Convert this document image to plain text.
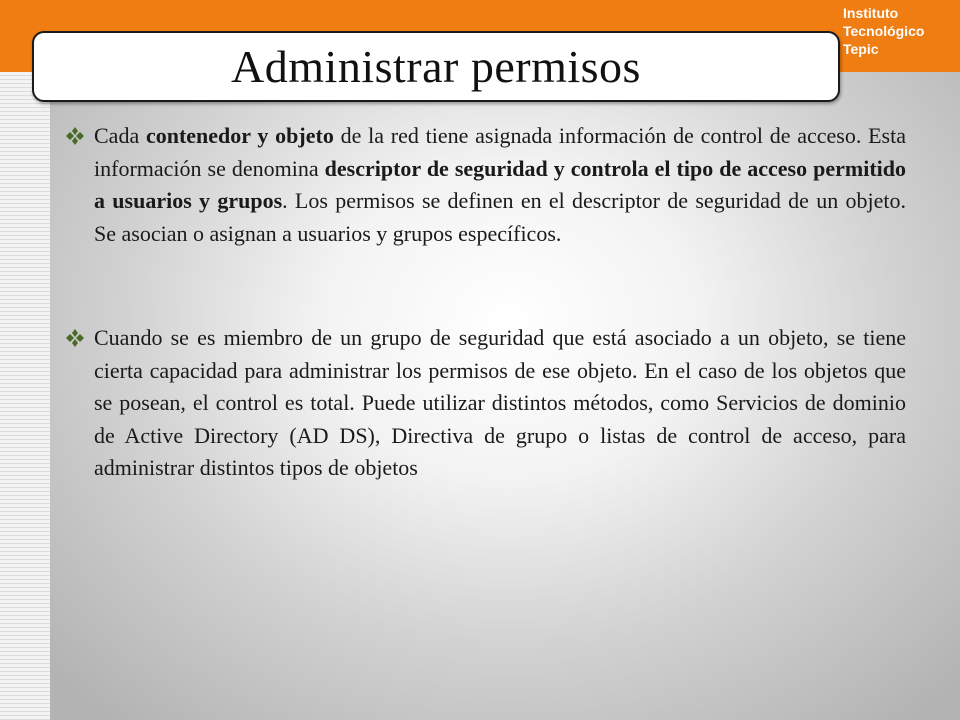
Instituto
Tecnológico
Tepic
Administrar permisos
Cada contenedor y objeto de la red tiene asignada información de control de acceso. Esta información se denomina descriptor de seguridad y controla el tipo de acceso permitido a usuarios y grupos. Los permisos se definen en el descriptor de seguridad de un objeto. Se asocian o asignan a usuarios y grupos específicos.
Cuando se es miembro de un grupo de seguridad que está asociado a un objeto, se tiene cierta capacidad para administrar los permisos de ese objeto. En el caso de los objetos que se posean, el control es total. Puede utilizar distintos métodos, como Servicios de dominio de Active Directory (AD DS), Directiva de grupo o listas de control de acceso, para administrar distintos tipos de objetos
